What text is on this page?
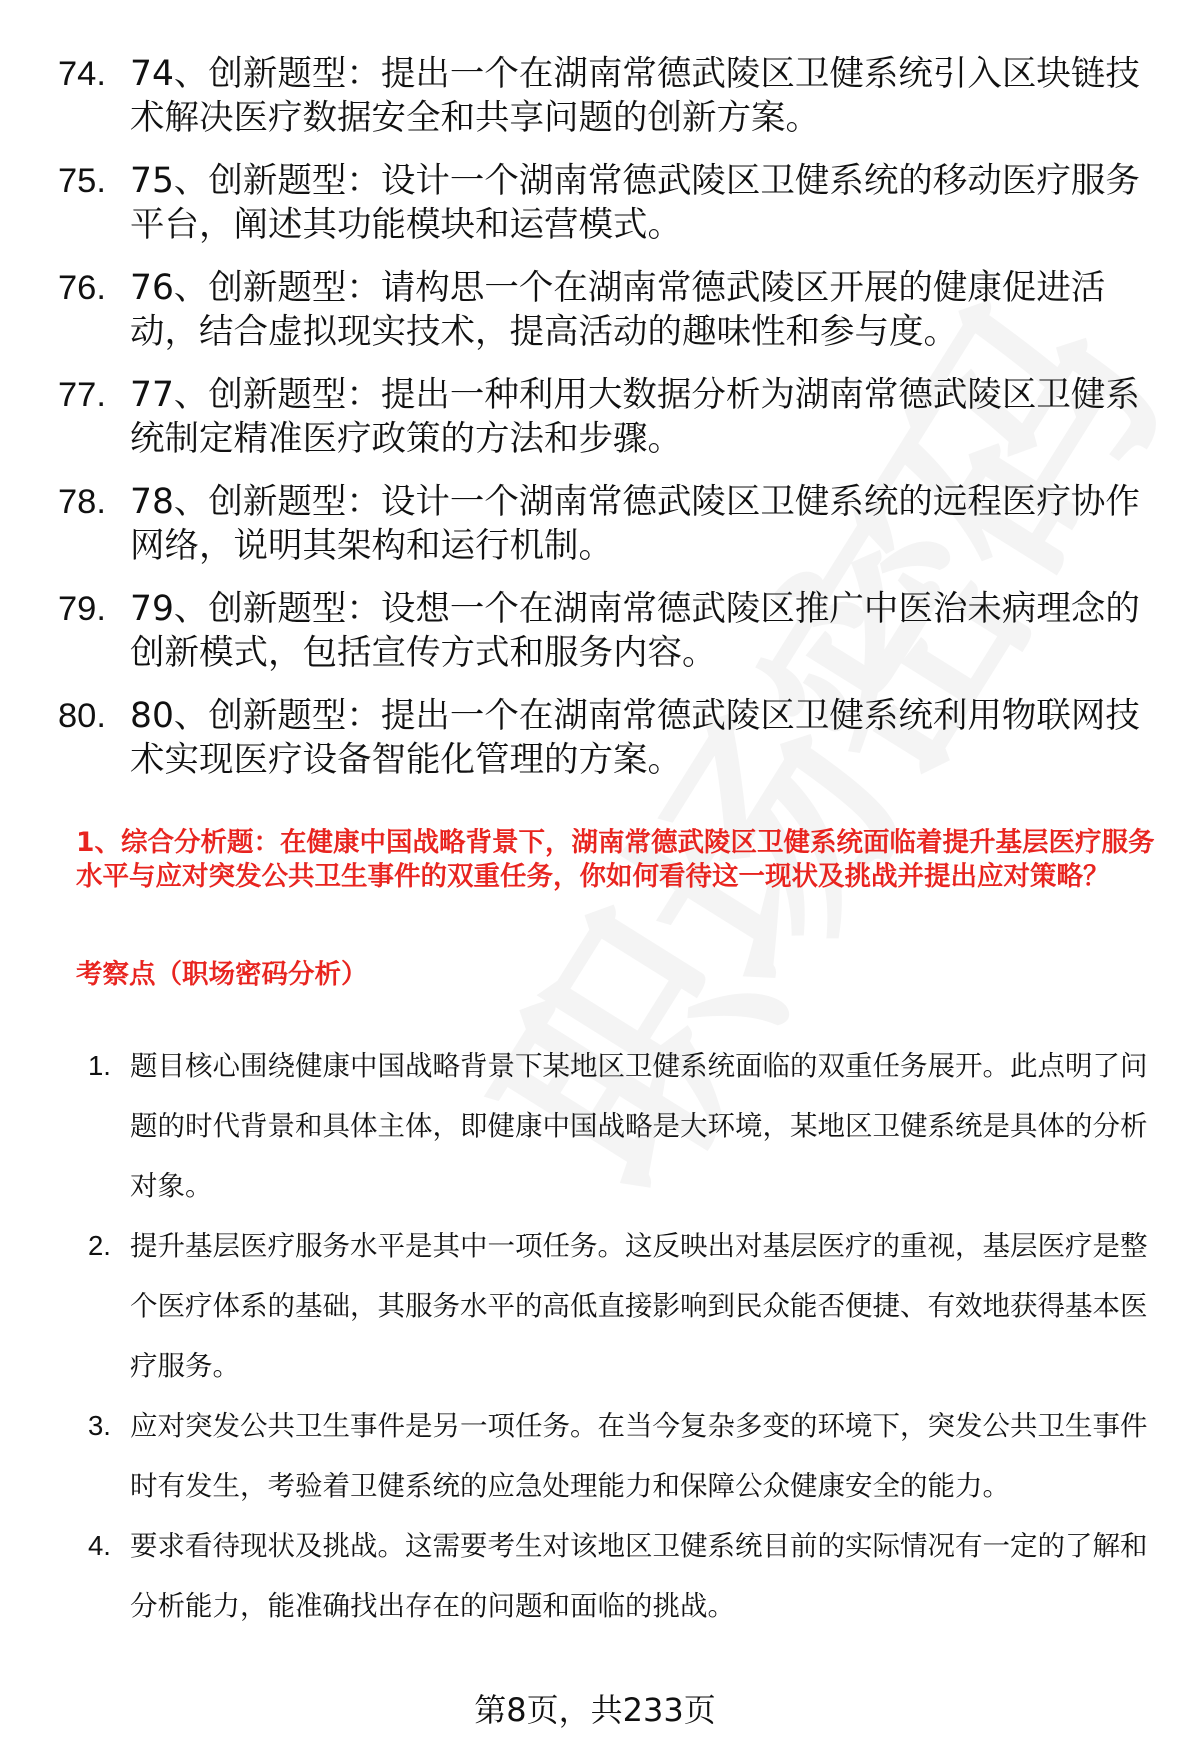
74. 74、创新题型：提出一个在湖南常德武陵区卫健系统引入区块链技术解决医疗数据安全和共享问题的创新方案。
75. 75、创新题型：设计一个湖南常德武陵区卫健系统的移动医疗服务平台，阐述其功能模块和运营模式。
76. 76、创新题型：请构思一个在湖南常德武陵区开展的健康促进活动，结合虚拟现实技术，提高活动的趣味性和参与度。
77. 77、创新题型：提出一种利用大数据分析为湖南常德武陵区卫健系统制定精准医疗政策的方法和步骤。
78. 78、创新题型：设计一个湖南常德武陵区卫健系统的远程医疗协作网络，说明其架构和运行机制。
79. 79、创新题型：设想一个在湖南常德武陵区推广中医治未病理念的创新模式，包括宣传方式和服务内容。
80. 80、创新题型：提出一个在湖南常德武陵区卫健系统利用物联网技术实现医疗设备智能化管理的方案。
1、综合分析题：在健康中国战略背景下，湖南常德武陵区卫健系统面临着提升基层医疗服务水平与应对突发公共卫生事件的双重任务，你如何看待这一现状及挑战并提出应对策略？
考察点（职场密码分析）
1. 题目核心围绕健康中国战略背景下某地区卫健系统面临的双重任务展开。此点明了问题的时代背景和具体主体，即健康中国战略是大环境，某地区卫健系统是具体的分析对象。
2. 提升基层医疗服务水平是其中一项任务。这反映出对基层医疗的重视，基层医疗是整个医疗体系的基础，其服务水平的高低直接影响到民众能否便捷、有效地获得基本医疗服务。
3. 应对突发公共卫生事件是另一项任务。在当今复杂多变的环境下，突发公共卫生事件时有发生，考验着卫健系统的应急处理能力和保障公众健康安全的能力。
4. 要求看待现状及挑战。这需要考生对该地区卫健系统目前的实际情况有一定的了解和分析能力，能准确找出存在的问题和面临的挑战。
第8页，共233页
